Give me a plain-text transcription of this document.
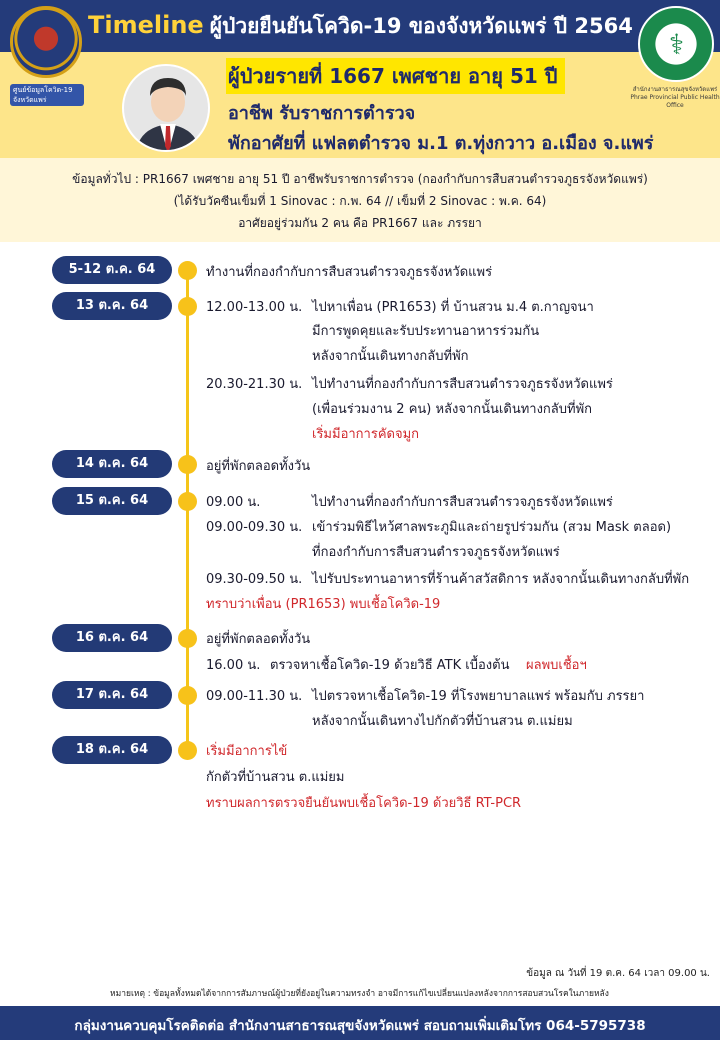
Timeline ผู้ป่วยยืนยันโควิด-19 ของจังหวัดแพร่ ปี 2564
ศูนย์ข้อมูลโควิด-19 จังหวัดแพร่
⚕
สำนักงานสาธารณสุขจังหวัดแพร่ Phrae Provincial Public Health Office
ผู้ป่วยรายที่ 1667 เพศชาย อายุ 51 ปี
อาชีพ รับราชการตำรวจ
พักอาศัยที่ แฟลตตำรวจ ม.1 ต.ทุ่งกวาว อ.เมือง จ.แพร่
ข้อมูลทั่วไป : PR1667 เพศชาย อายุ 51 ปี อาชีพรับราชการตำรวจ (กองกำกับการสืบสวนตำรวจภูธรจังหวัดแพร่)
(ได้รับวัคซีนเข็มที่ 1 Sinovac : ก.พ. 64 // เข็มที่ 2 Sinovac : พ.ค. 64)
อาศัยอยู่ร่วมกัน 2 คน คือ PR1667 และ ภรรยา
5-12 ต.ค. 64	ทำงานที่กองกำกับการสืบสวนตำรวจภูธรจังหวัดแพร่
13 ต.ค. 64	12.00-13.00 น. ไปหาเพื่อน (PR1653) ที่ บ้านสวน ม.4 ต.กาญจนา
มีการพูดคุยและรับประทานอาหารร่วมกัน
หลังจากนั้นเดินทางกลับที่พัก
20.30-21.30 น. ไปทำงานที่กองกำกับการสืบสวนตำรวจภูธรจังหวัดแพร่
(เพื่อนร่วมงาน 2 คน) หลังจากนั้นเดินทางกลับที่พัก
เริ่มมีอาการคัดจมูก
14 ต.ค. 64	อยู่ที่พักตลอดทั้งวัน
15 ต.ค. 64	09.00 น.	ไปทำงานที่กองกำกับการสืบสวนตำรวจภูธรจังหวัดแพร่
09.00-09.30 น. เข้าร่วมพิธีไหว้ศาลพระภูมิและถ่ายรูปร่วมกัน (สวม Mask ตลอด)
ที่กองกำกับการสืบสวนตำรวจภูธรจังหวัดแพร่
09.30-09.50 น. ไปรับประทานอาหารที่ร้านค้าสวัสดิการ หลังจากนั้นเดินทางกลับที่พัก
ทราบว่าเพื่อน (PR1653) พบเชื้อโควิด-19
16 ต.ค. 64	อยู่ที่พักตลอดทั้งวัน
16.00 น. ตรวจหาเชื้อโควิด-19 ด้วยวิธี ATK เบื้องต้น ผลพบเชื้อฯ
17 ต.ค. 64	09.00-11.30 น. ไปตรวจหาเชื้อโควิด-19 ที่โรงพยาบาลแพร่ พร้อมกับ ภรรยา
หลังจากนั้นเดินทางไปกักตัวที่บ้านสวน ต.แม่ยม
18 ต.ค. 64	เริ่มมีอาการไข้
กักตัวที่บ้านสวน ต.แม่ยม
ทราบผลการตรวจยืนยันพบเชื้อโควิด-19 ด้วยวิธี RT-PCR
ข้อมูล ณ วันที่ 19 ต.ค. 64 เวลา 09.00 น.
หมายเหตุ : ข้อมูลทั้งหมดได้จากการสัมภาษณ์ผู้ป่วยที่ยังอยู่ในความทรงจำ อาจมีการแก้ไขเปลี่ยนแปลงหลังจากการสอบสวนโรคในภายหลัง
กลุ่มงานควบคุมโรคติดต่อ สำนักงานสาธารณสุขจังหวัดแพร่ สอบถามเพิ่มเติมโทร 064-5795738
